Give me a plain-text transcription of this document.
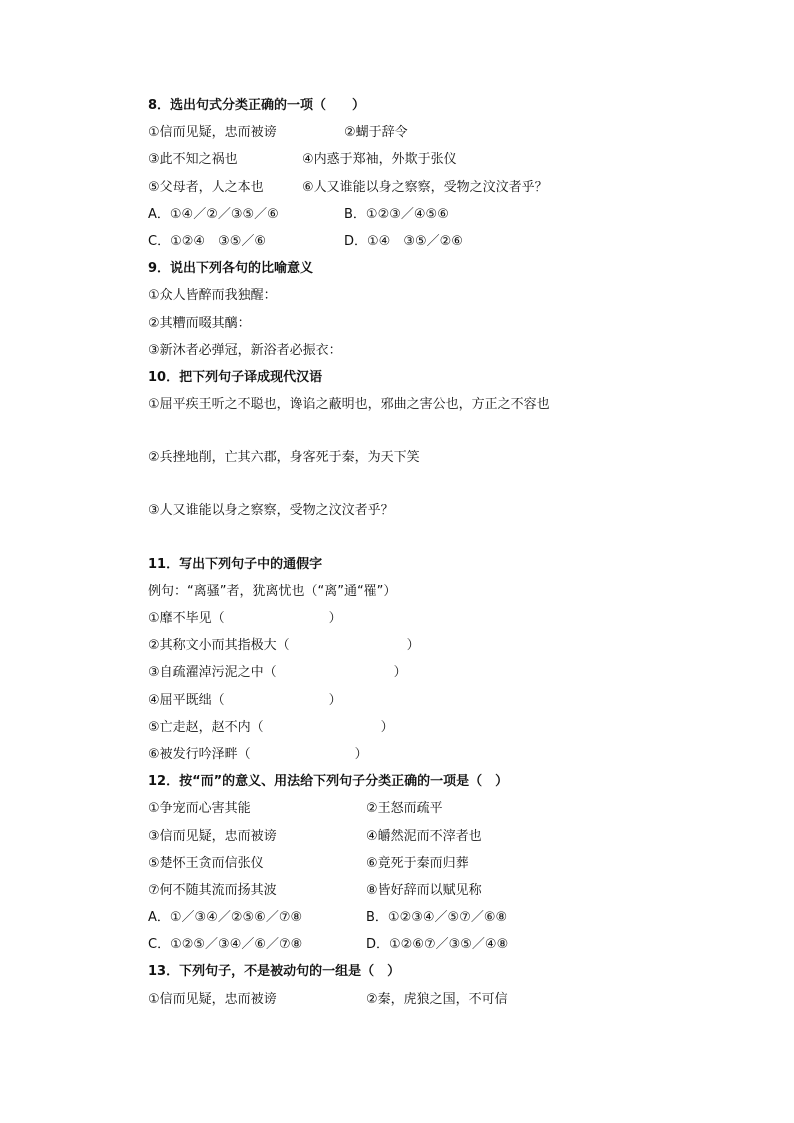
8．选出句式分类正确的一项（　　）
①信而见疑，忠而被谤	②蝴于辞令
③此不知之祸也	④内惑于郑袖，外欺于张仪
⑤父母者，人之本也	⑥人又谁能以身之察察，受物之汶汶者乎？
A．①④／②／③⑤／⑥	B．①②③／④⑤⑥
C．①②④　③⑤／⑥	D．①④　③⑤／②⑥
9．说出下列各句的比喻意义
①众人皆醉而我独醒：
②其糟而啜其醨：
③新沐者必弹冠，新浴者必振衣：
10．把下列句子译成现代汉语
①屈平疾王听之不聪也，谗谄之蔽明也，邪曲之害公也，方正之不容也
②兵挫地削，亡其六郡，身客死于秦，为天下笑
③人又谁能以身之察察，受物之汶汶者乎？
11．写出下列句子中的通假字
例句：“离骚”者，犹离忧也（“离”通“罹”）
①靡不毕见（　　　　　　　　）
②其称文小而其指极大（　　　　　　　　　）
③自疏濯淖污泥之中（　　　　　　　　　）
④屈平既绌（　　　　　　　　）
⑤亡走赵，赵不内（　　　　　　　　　）
⑥被发行吟泽畔（　　　　　　　　）
12．按“而”的意义、用法给下列句子分类正确的一项是（　）
①争宠而心害其能	②王怒而疏平
③信而见疑，忠而被谤	④皭然泥而不滓者也
⑤楚怀王贪而信张仪	⑥竟死于秦而归葬
⑦何不随其流而扬其波	⑧皆好辞而以赋见称
A．①／③④／②⑤⑥／⑦⑧	B．①②③④／⑤⑦／⑥⑧
C．①②⑤／③④／⑥／⑦⑧	D．①②⑥⑦／③⑤／④⑧
13．下列句子，不是被动句的一组是（　）
①信而见疑，忠而被谤	②秦，虎狼之国，不可信
